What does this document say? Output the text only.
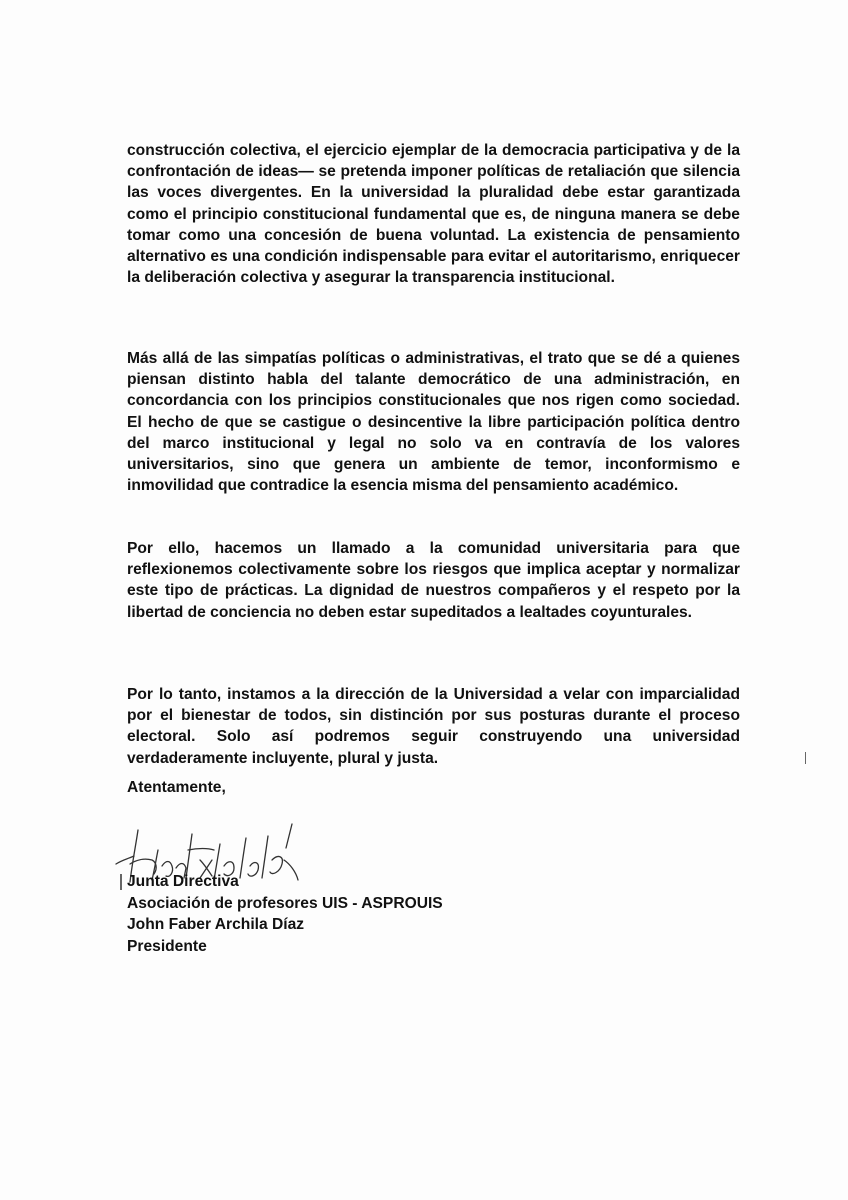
construcción colectiva, el ejercicio ejemplar de la democracia participativa y de la confrontación de ideas— se pretenda imponer políticas de retaliación que silencia las voces divergentes. En la universidad la pluralidad debe estar garantizada como el principio constitucional fundamental que es, de ninguna manera se debe tomar como una concesión de buena voluntad. La existencia de pensamiento alternativo es una condición indispensable para evitar el autoritarismo, enriquecer la deliberación colectiva y asegurar la transparencia institucional.

Más allá de las simpatías políticas o administrativas, el trato que se dé a quienes piensan distinto habla del talante democrático de una administración, en concordancia con los principios constitucionales que nos rigen como sociedad. El hecho de que se castigue o desincentive la libre participación política dentro del marco institucional y legal no solo va en contravía de los valores universitarios, sino que genera un ambiente de temor, inconformismo e inmovilidad que contradice la esencia misma del pensamiento académico.

Por ello, hacemos un llamado a la comunidad universitaria para que reflexionemos colectivamente sobre los riesgos que implica aceptar y normalizar este tipo de prácticas. La dignidad de nuestros compañeros y el respeto por la libertad de conciencia no deben estar supeditados a lealtades coyunturales.

Por lo tanto, instamos a la dirección de la Universidad a velar con imparcialidad por el bienestar de todos, sin distinción por sus posturas durante el proceso electoral. Solo así podremos seguir construyendo una universidad verdaderamente incluyente, plural y justa.

Atentamente,
Junta Directiva
Asociación de profesores UIS - ASPROUIS
John Faber Archila Díaz
Presidente
